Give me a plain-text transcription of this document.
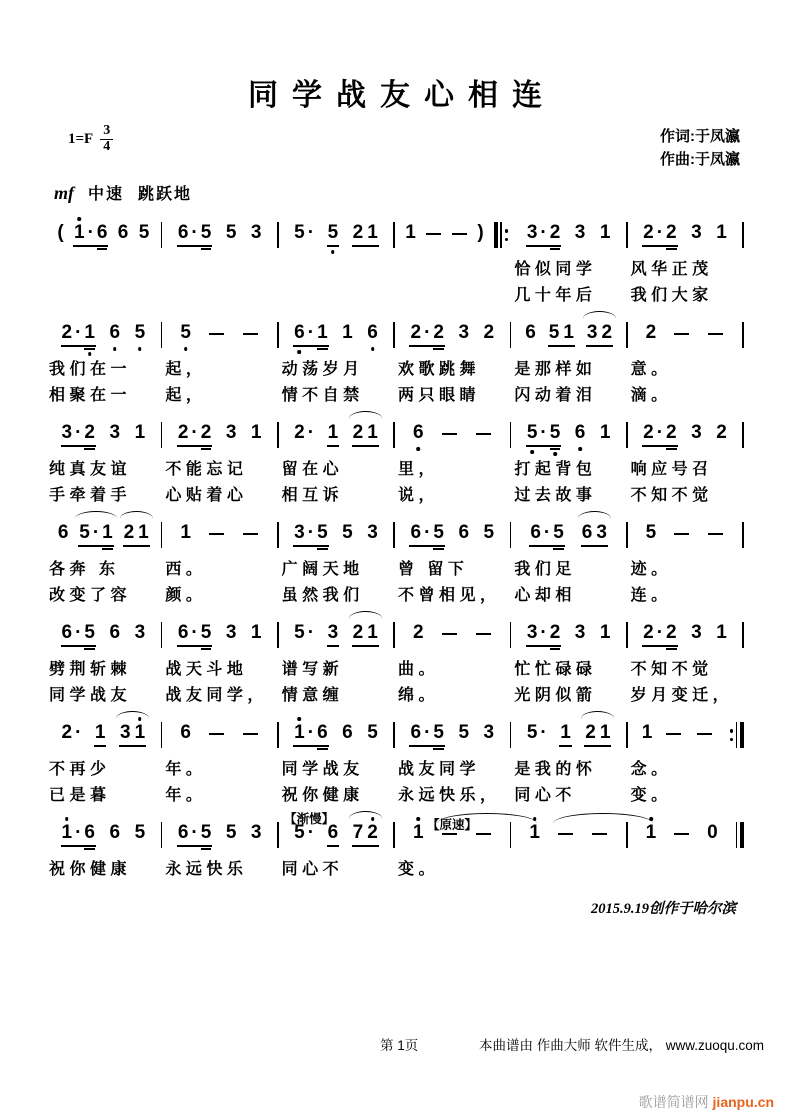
同学战友心相连
$1=F \frac{3}{4}$	作词:于凤瀛
作曲:于凤瀛
mf 中速 跳跃地
( 1 · 6 6 5

6 · 5 5 3

5 · 5 2 1

1	)

3 · 2 3 1
恰似同学
几十年后
2 · 2 3 1
风华正茂
我们大家
2 · 1 6 5
我们在一
相聚在一
5
起，
起，
6 · 1 1 6
动荡岁月
情不自禁
2 · 2 3 2
欢歌跳舞
两只眼睛
6 5 1 3 2
是那样如
闪动着泪
2
意。
滴。
3 · 2 3 1
纯真友谊
手牵着手
2 · 2 3 1
不能忘记
心贴着心
2 · 1 2 1
留在心
相互诉
6
里，
说，
5 · 5 6 1
打起背包
过去故事
2 · 2 3 2
响应号召
不知不觉
6 5 · 1 2 1
各奔 东
改变了容
1
西。
颜。
3 · 5 5 3
广阔天地
虽然我们
6 · 5 6 5
曾 留下
不曾相见，
6 · 5 6 3
我们足
心却相
5
迹。
连。
6 · 5 6 3
劈荆斩棘
同学战友
6 · 5 3 1
战天斗地
战友同学，
5 · 3 2 1
谱写新
情意缠
2
曲。
绵。
3 · 2 3 1
忙忙碌碌
光阴似箭
2 · 2 3 1
不知不觉
岁月变迁，
2 · 1 3 1
不再少
已是暮
6
年。
年。
1 · 6 6 5
同学战友
祝你健康
6 · 5 5 3
战友同学
永远快乐，
5 · 1 2 1
是我的怀
同心不
1
念。
变。
1 · 6 6 5
祝你健康
6 · 5 5 3
永远快乐
5 ·
【渐慢】
6 7 2
同心不
1 【原速】
变。
1
	1	0

2015.9.19创作于哈尔滨
第 1页	本曲谱由 作曲大师 软件生成， www.zuoqu.com
歌谱简谱网 jianpu.cn
